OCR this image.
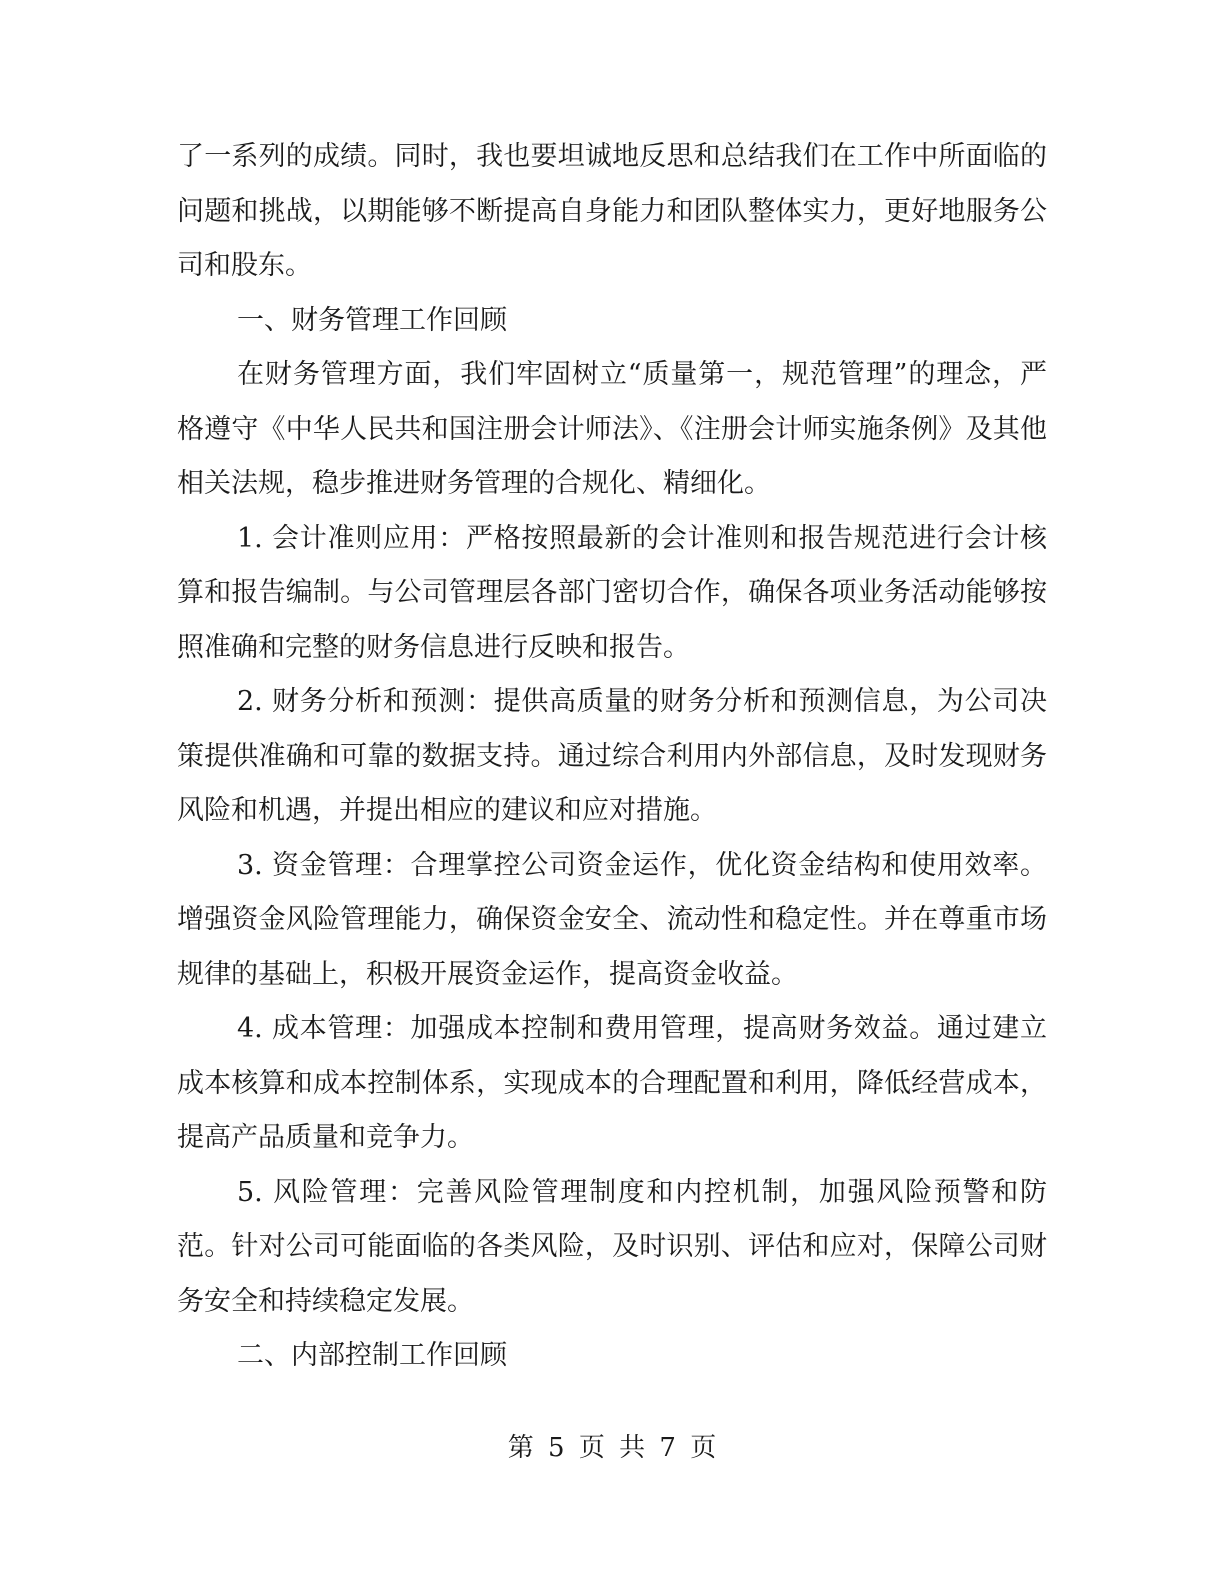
了一系列的成绩。同时，我也要坦诚地反思和总结我们在工作中所面临的问题和挑战，以期能够不断提高自身能力和团队整体实力，更好地服务公司和股东。

一、财务管理工作回顾

在财务管理方面，我们牢固树立“质量第一，规范管理”的理念，严格遵守《中华人民共和国注册会计师法》、《注册会计师实施条例》及其他相关法规，稳步推进财务管理的合规化、精细化。

1. 会计准则应用：严格按照最新的会计准则和报告规范进行会计核算和报告编制。与公司管理层各部门密切合作，确保各项业务活动能够按照准确和完整的财务信息进行反映和报告。

2. 财务分析和预测：提供高质量的财务分析和预测信息，为公司决策提供准确和可靠的数据支持。通过综合利用内外部信息，及时发现财务风险和机遇，并提出相应的建议和应对措施。

3. 资金管理：合理掌控公司资金运作，优化资金结构和使用效率。增强资金风险管理能力，确保资金安全、流动性和稳定性。并在尊重市场规律的基础上，积极开展资金运作，提高资金收益。

4. 成本管理：加强成本控制和费用管理，提高财务效益。通过建立成本核算和成本控制体系，实现成本的合理配置和利用，降低经营成本，提高产品质量和竞争力。

5. 风险管理：完善风险管理制度和内控机制，加强风险预警和防范。针对公司可能面临的各类风险，及时识别、评估和应对，保障公司财务安全和持续稳定发展。

二、内部控制工作回顾

第 5 页 共 7 页
